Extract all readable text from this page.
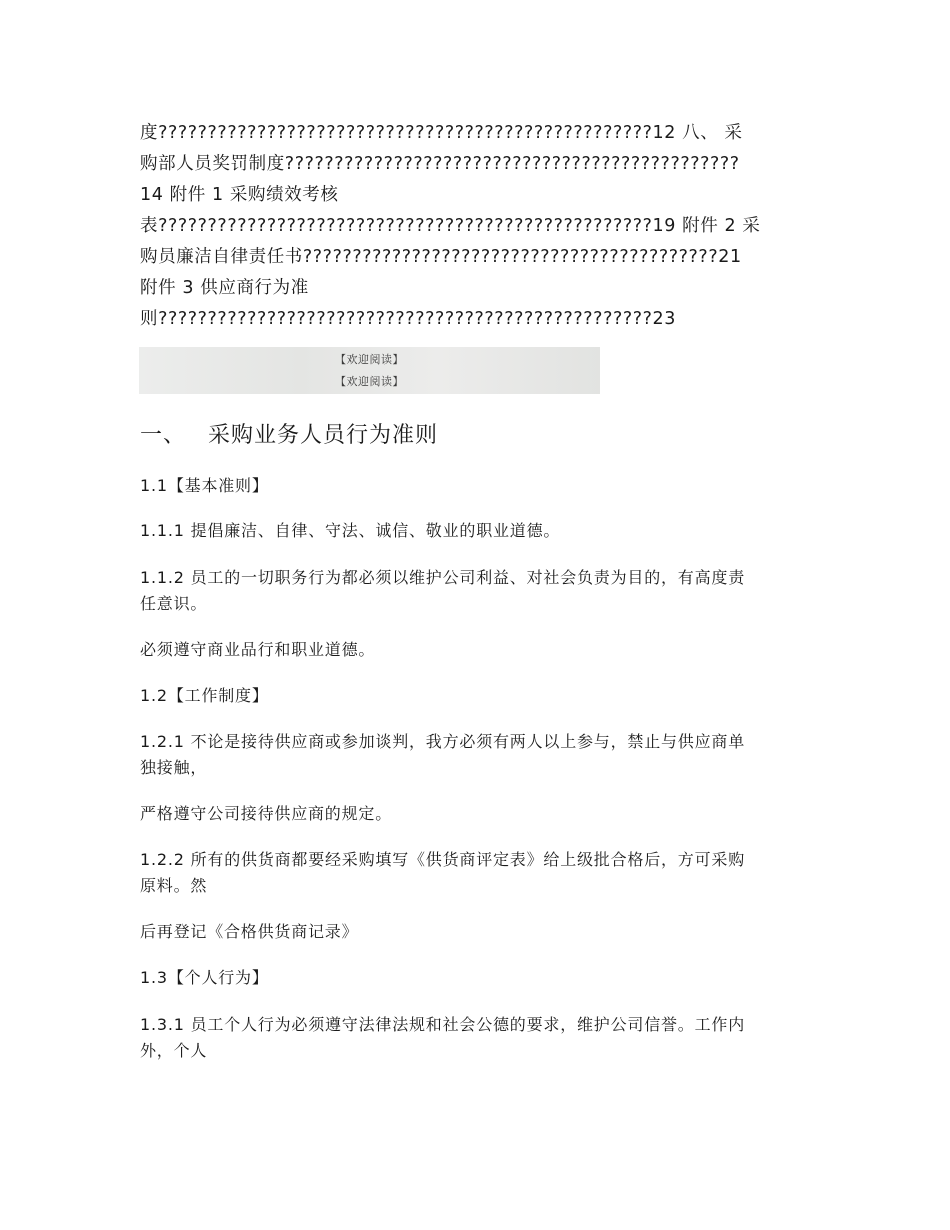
度??????????????????????????????????????????????????12 八、 采
购部人员奖罚制度??????????????????????????????????????????????
14 附件 1 采购绩效考核
表??????????????????????????????????????????????????19 附件 2 采
购员廉洁自律责任书??????????????????????????????????????????21
附件 3 供应商行为准
则??????????????????????????????????????????????????23
【欢迎阅读】
【欢迎阅读】
一、 采购业务人员行为准则
1.1【基本准则】
1.1.1 提倡廉洁、自律、守法、诚信、敬业的职业道德。
1.1.2 员工的一切职务行为都必须以维护公司利益、对社会负责为目的，有高度责
任意识。
必须遵守商业品行和职业道德。
1.2【工作制度】
1.2.1 不论是接待供应商或参加谈判，我方必须有两人以上参与，禁止与供应商单
独接触，
严格遵守公司接待供应商的规定。
1.2.2 所有的供货商都要经采购填写《供货商评定表》给上级批合格后，方可采购
原料。然
后再登记《合格供货商记录》
1.3【个人行为】
1.3.1 员工个人行为必须遵守法律法规和社会公德的要求，维护公司信誉。工作内
外，个人
